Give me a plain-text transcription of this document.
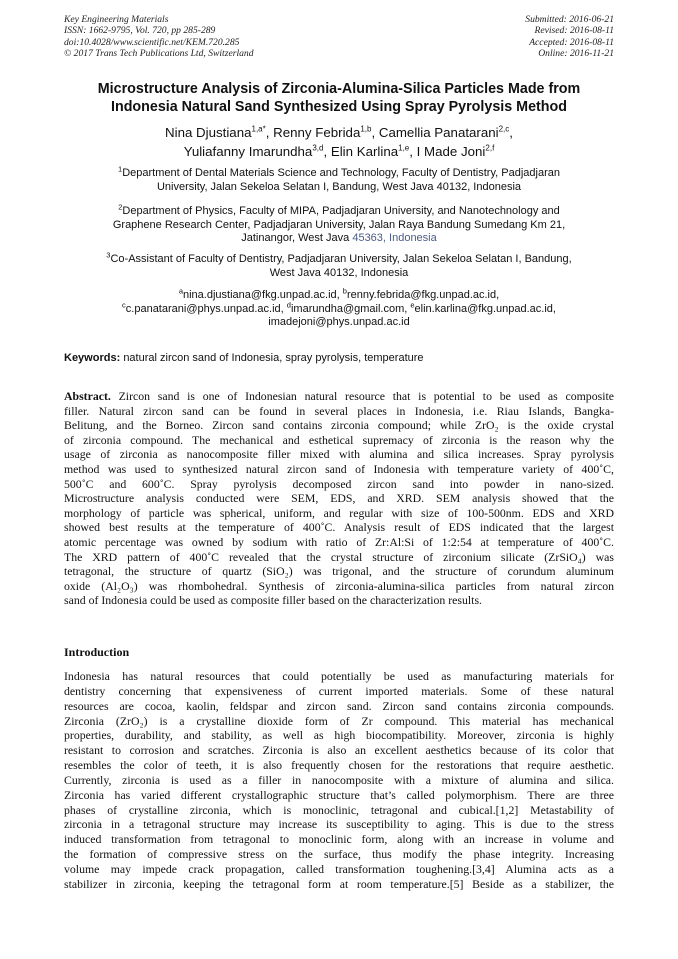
Key Engineering Materials
ISSN: 1662-9795, Vol. 720, pp 285-289
doi:10.4028/www.scientific.net/KEM.720.285
© 2017 Trans Tech Publications Ltd, Switzerland
Submitted: 2016-06-21
Revised: 2016-08-11
Accepted: 2016-08-11
Online: 2016-11-21
Microstructure Analysis of Zirconia-Alumina-Silica Particles Made from
Indonesia Natural Sand Synthesized Using Spray Pyrolysis Method
Nina Djustiana$^{1,a*}$, Renny Febrida$^{1,b}$, Camellia Panatarani$^{2,c}$,
Yuliafanny Imarundha$^{3,d}$, Elin Karlina$^{1,e}$, I Made Joni$^{2,f}$
$^1$Department of Dental Materials Science and Technology, Faculty of Dentistry, Padjadjaran
University, Jalan Sekeloa Selatan I, Bandung, West Java 40132, Indonesia
$^2$Department of Physics, Faculty of MIPA, Padjadjaran University, and Nanotechnology and
Graphene Research Center, Padjadjaran University, Jalan Raya Bandung Sumedang Km 21,
Jatinangor, West Java 45363, Indonesia
$^3$Co-Assistant of Faculty of Dentistry, Padjadjaran University, Jalan Sekeloa Selatan I, Bandung,
West Java 40132, Indonesia
$^a$nina.djustiana@fkg.unpad.ac.id, $^b$renny.febrida@fkg.unpad.ac.id,
$^c$c.panatarani@phys.unpad.ac.id, $^d$imarundha@gmail.com, $^e$elin.karlina@fkg.unpad.ac.id,
imadejoni@phys.unpad.ac.id
Keywords: natural zircon sand of Indonesia, spray pyrolysis, temperature
Abstract. Zircon sand is one of Indonesian natural resource that is potential to be used as composite
filler. Natural zircon sand can be found in several places in Indonesia, i.e. Riau Islands, Bangka-
Belitung, and the Borneo. Zircon sand contains zirconia compound; while ZrO₂ is the oxide crystal
of zirconia compound. The mechanical and esthetical supremacy of zirconia is the reason why the
usage of zirconia as nanocomposite filler mixed with alumina and silica increases. Spray pyrolysis
method was used to synthesized natural zircon sand of Indonesia with temperature variety of 400˚C,
500˚C and 600˚C. Spray pyrolysis decomposed zircon sand into powder in nano-sized.
Microstructure analysis conducted were SEM, EDS, and XRD. SEM analysis showed that the
morphology of particle was spherical, uniform, and regular with size of 100-500nm. EDS and XRD
showed best results at the temperature of 400˚C. Analysis result of EDS indicated that the largest
atomic percentage was owned by sodium with ratio of Zr:Al:Si of 1:2:54 at temperature of 400˚C.
The XRD pattern of 400˚C revealed that the crystal structure of zirconium silicate (ZrSiO₄) was
tetragonal, the structure of quartz (SiO₂) was trigonal, and the structure of corundum aluminum
oxide (Al₂O₃) was rhombohedral. Synthesis of zirconia-alumina-silica particles from natural zircon
sand of Indonesia could be used as composite filler based on the characterization results.
Introduction
Indonesia has natural resources that could potentially be used as manufacturing materials for
dentistry concerning that expensiveness of current imported materials. Some of these natural
resources are cocoa, kaolin, feldspar and zircon sand. Zircon sand contains zirconia compounds.
Zirconia (ZrO₂) is a crystalline dioxide form of Zr compound. This material has mechanical
properties, durability, and stability, as well as high biocompatibility. Moreover, zirconia is highly
resistant to corrosion and scratches. Zirconia is also an excellent aesthetics because of its color that
resembles the color of teeth, it is also frequently chosen for the restorations that require aesthetic.
Currently, zirconia is used as a filler in nanocomposite with a mixture of alumina and silica.
Zirconia has varied different crystallographic structure that’s called polymorphism. There are three
phases of crystalline zirconia, which is monoclinic, tetragonal and cubical.[1,2] Metastability of
zirconia in a tetragonal structure may increase its susceptibility to aging. This is due to the stress
induced transformation from tetragonal to monoclinic form, along with an increase in volume and
the formation of compressive stress on the surface, thus modify the phase integrity. Increasing
volume may impede crack propagation, called transformation toughening.[3,4] Alumina acts as a
stabilizer in zirconia, keeping the tetragonal form at room temperature.[5] Beside as a stabilizer, the
